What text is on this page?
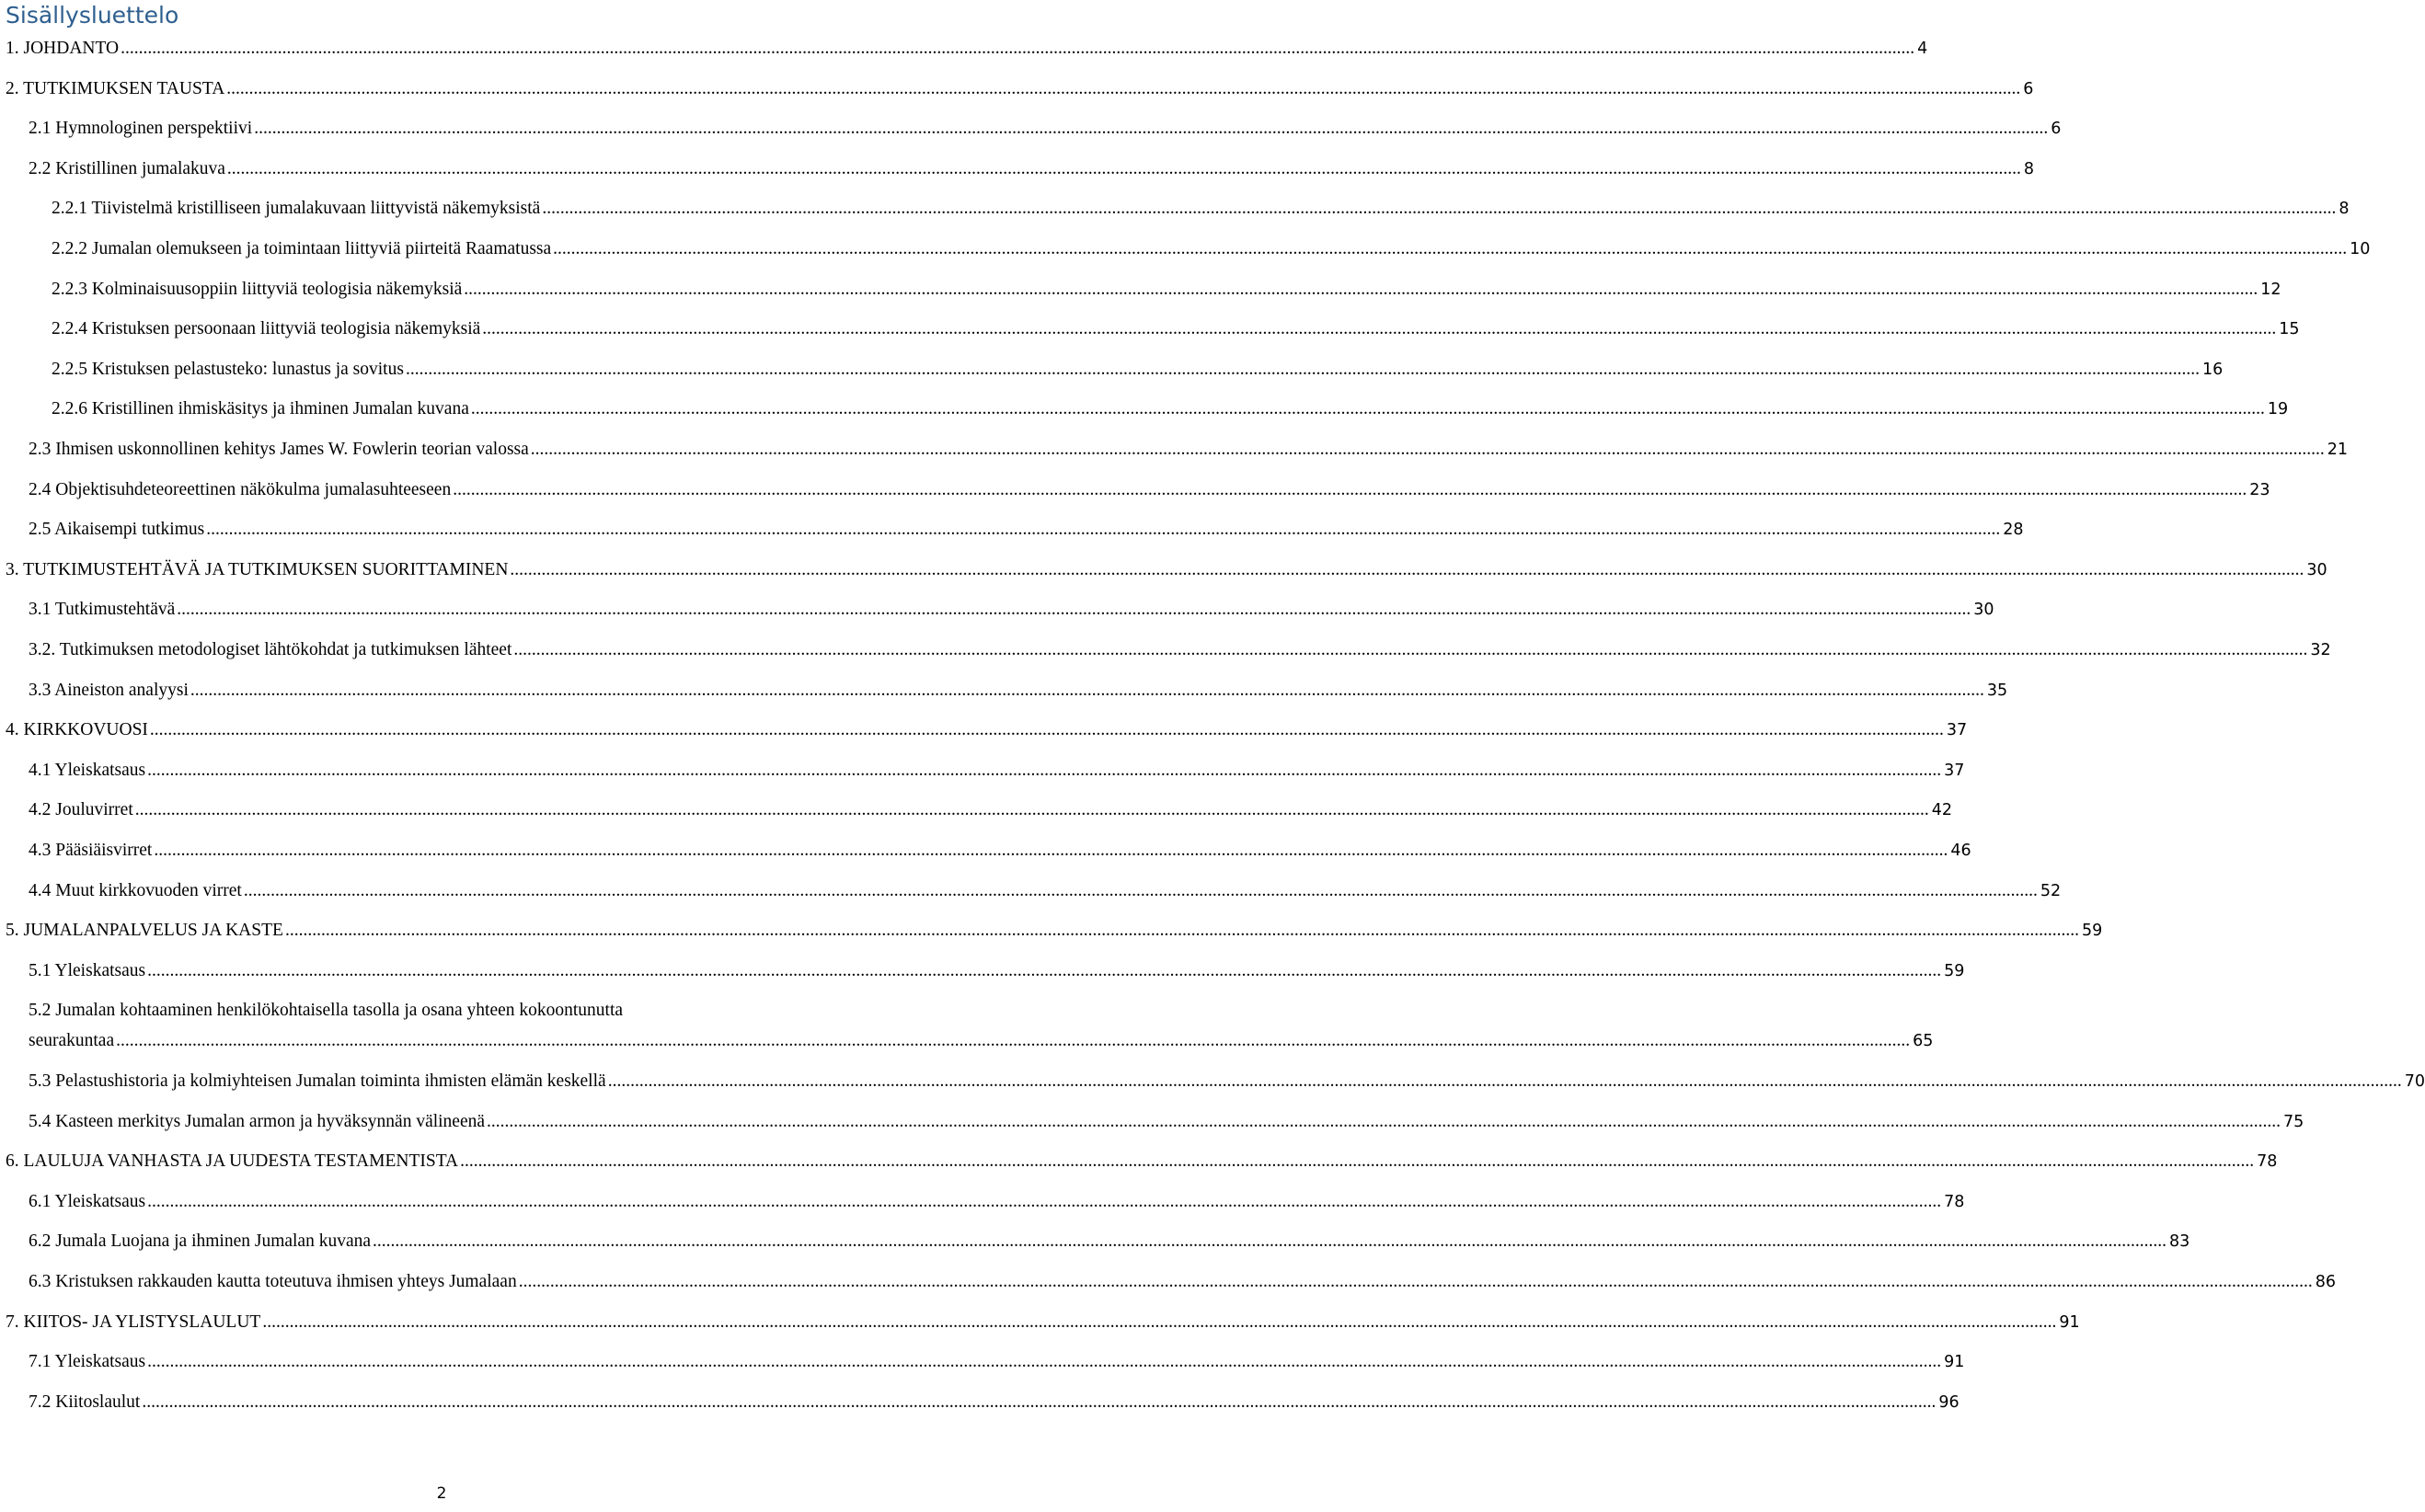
Sisällysluettelo
1. JOHDANTO ................................................................................................................................................................................................................................................................................................................................................................................................................ 4
2. TUTKIMUKSEN TAUSTA ................................................................................................................................................................................................................................................................................................................................................................................................................ 6
2.1 Hymnologinen perspektiivi ................................................................................................................................................................................................................................................................................................................................................................................................................ 6
2.2 Kristillinen jumalakuva ................................................................................................................................................................................................................................................................................................................................................................................................................ 8
2.2.1 Tiivistelmä kristilliseen jumalakuvaan liittyvistä näkemyksistä ................................................................................................................................................................................................................................................................................................................................................................................................................ 8
2.2.2 Jumalan olemukseen ja toimintaan liittyviä piirteitä Raamatussa ................................................................................................................................................................................................................................................................................................................................................................................................................ 10
2.2.3 Kolminaisuusoppiin liittyviä teologisia näkemyksiä ................................................................................................................................................................................................................................................................................................................................................................................................................ 12
2.2.4 Kristuksen persoonaan liittyviä teologisia näkemyksiä ................................................................................................................................................................................................................................................................................................................................................................................................................ 15
2.2.5 Kristuksen pelastusteko: lunastus ja sovitus ................................................................................................................................................................................................................................................................................................................................................................................................................ 16
2.2.6 Kristillinen ihmiskäsitys ja ihminen Jumalan kuvana ................................................................................................................................................................................................................................................................................................................................................................................................................ 19
2.3 Ihmisen uskonnollinen kehitys James W. Fowlerin teorian valossa ................................................................................................................................................................................................................................................................................................................................................................................................................ 21
2.4 Objektisuhdeteoreettinen näkökulma jumalasuhteeseen ................................................................................................................................................................................................................................................................................................................................................................................................................ 23
2.5 Aikaisempi tutkimus ................................................................................................................................................................................................................................................................................................................................................................................................................ 28
3. TUTKIMUSTEHTÄVÄ JA TUTKIMUKSEN SUORITTAMINEN ................................................................................................................................................................................................................................................................................................................................................................................................................ 30
3.1 Tutkimustehtävä ................................................................................................................................................................................................................................................................................................................................................................................................................ 30
3.2. Tutkimuksen metodologiset lähtökohdat ja tutkimuksen lähteet ................................................................................................................................................................................................................................................................................................................................................................................................................ 32
3.3 Aineiston analyysi ................................................................................................................................................................................................................................................................................................................................................................................................................ 35
4. KIRKKOVUOSI ................................................................................................................................................................................................................................................................................................................................................................................................................ 37
4.1 Yleiskatsaus ................................................................................................................................................................................................................................................................................................................................................................................................................ 37
4.2 Jouluvirret ................................................................................................................................................................................................................................................................................................................................................................................................................ 42
4.3 Pääsiäisvirret ................................................................................................................................................................................................................................................................................................................................................................................................................ 46
4.4 Muut kirkkovuoden virret ................................................................................................................................................................................................................................................................................................................................................................................................................ 52
5. JUMALANPALVELUS JA KASTE ................................................................................................................................................................................................................................................................................................................................................................................................................ 59
5.1 Yleiskatsaus ................................................................................................................................................................................................................................................................................................................................................................................................................ 59
5.2 Jumalan kohtaaminen henkilökohtaisella tasolla ja osana yhteen kokoontunutta
seurakuntaa ................................................................................................................................................................................................................................................................................................................................................................................................................ 65
5.3 Pelastushistoria ja kolmiyhteisen Jumalan toiminta ihmisten elämän keskellä ................................................................................................................................................................................................................................................................................................................................................................................................................ 70
5.4 Kasteen merkitys Jumalan armon ja hyväksynnän välineenä ................................................................................................................................................................................................................................................................................................................................................................................................................ 75
6. LAULUJA VANHASTA JA UUDESTA TESTAMENTISTA ................................................................................................................................................................................................................................................................................................................................................................................................................ 78
6.1 Yleiskatsaus ................................................................................................................................................................................................................................................................................................................................................................................................................ 78
6.2 Jumala Luojana ja ihminen Jumalan kuvana ................................................................................................................................................................................................................................................................................................................................................................................................................ 83
6.3 Kristuksen rakkauden kautta toteutuva ihmisen yhteys Jumalaan ................................................................................................................................................................................................................................................................................................................................................................................................................ 86
7. KIITOS- JA YLISTYSLAULUT ................................................................................................................................................................................................................................................................................................................................................................................................................ 91
7.1 Yleiskatsaus ................................................................................................................................................................................................................................................................................................................................................................................................................ 91
7.2 Kiitoslaulut ................................................................................................................................................................................................................................................................................................................................................................................................................ 96
2
